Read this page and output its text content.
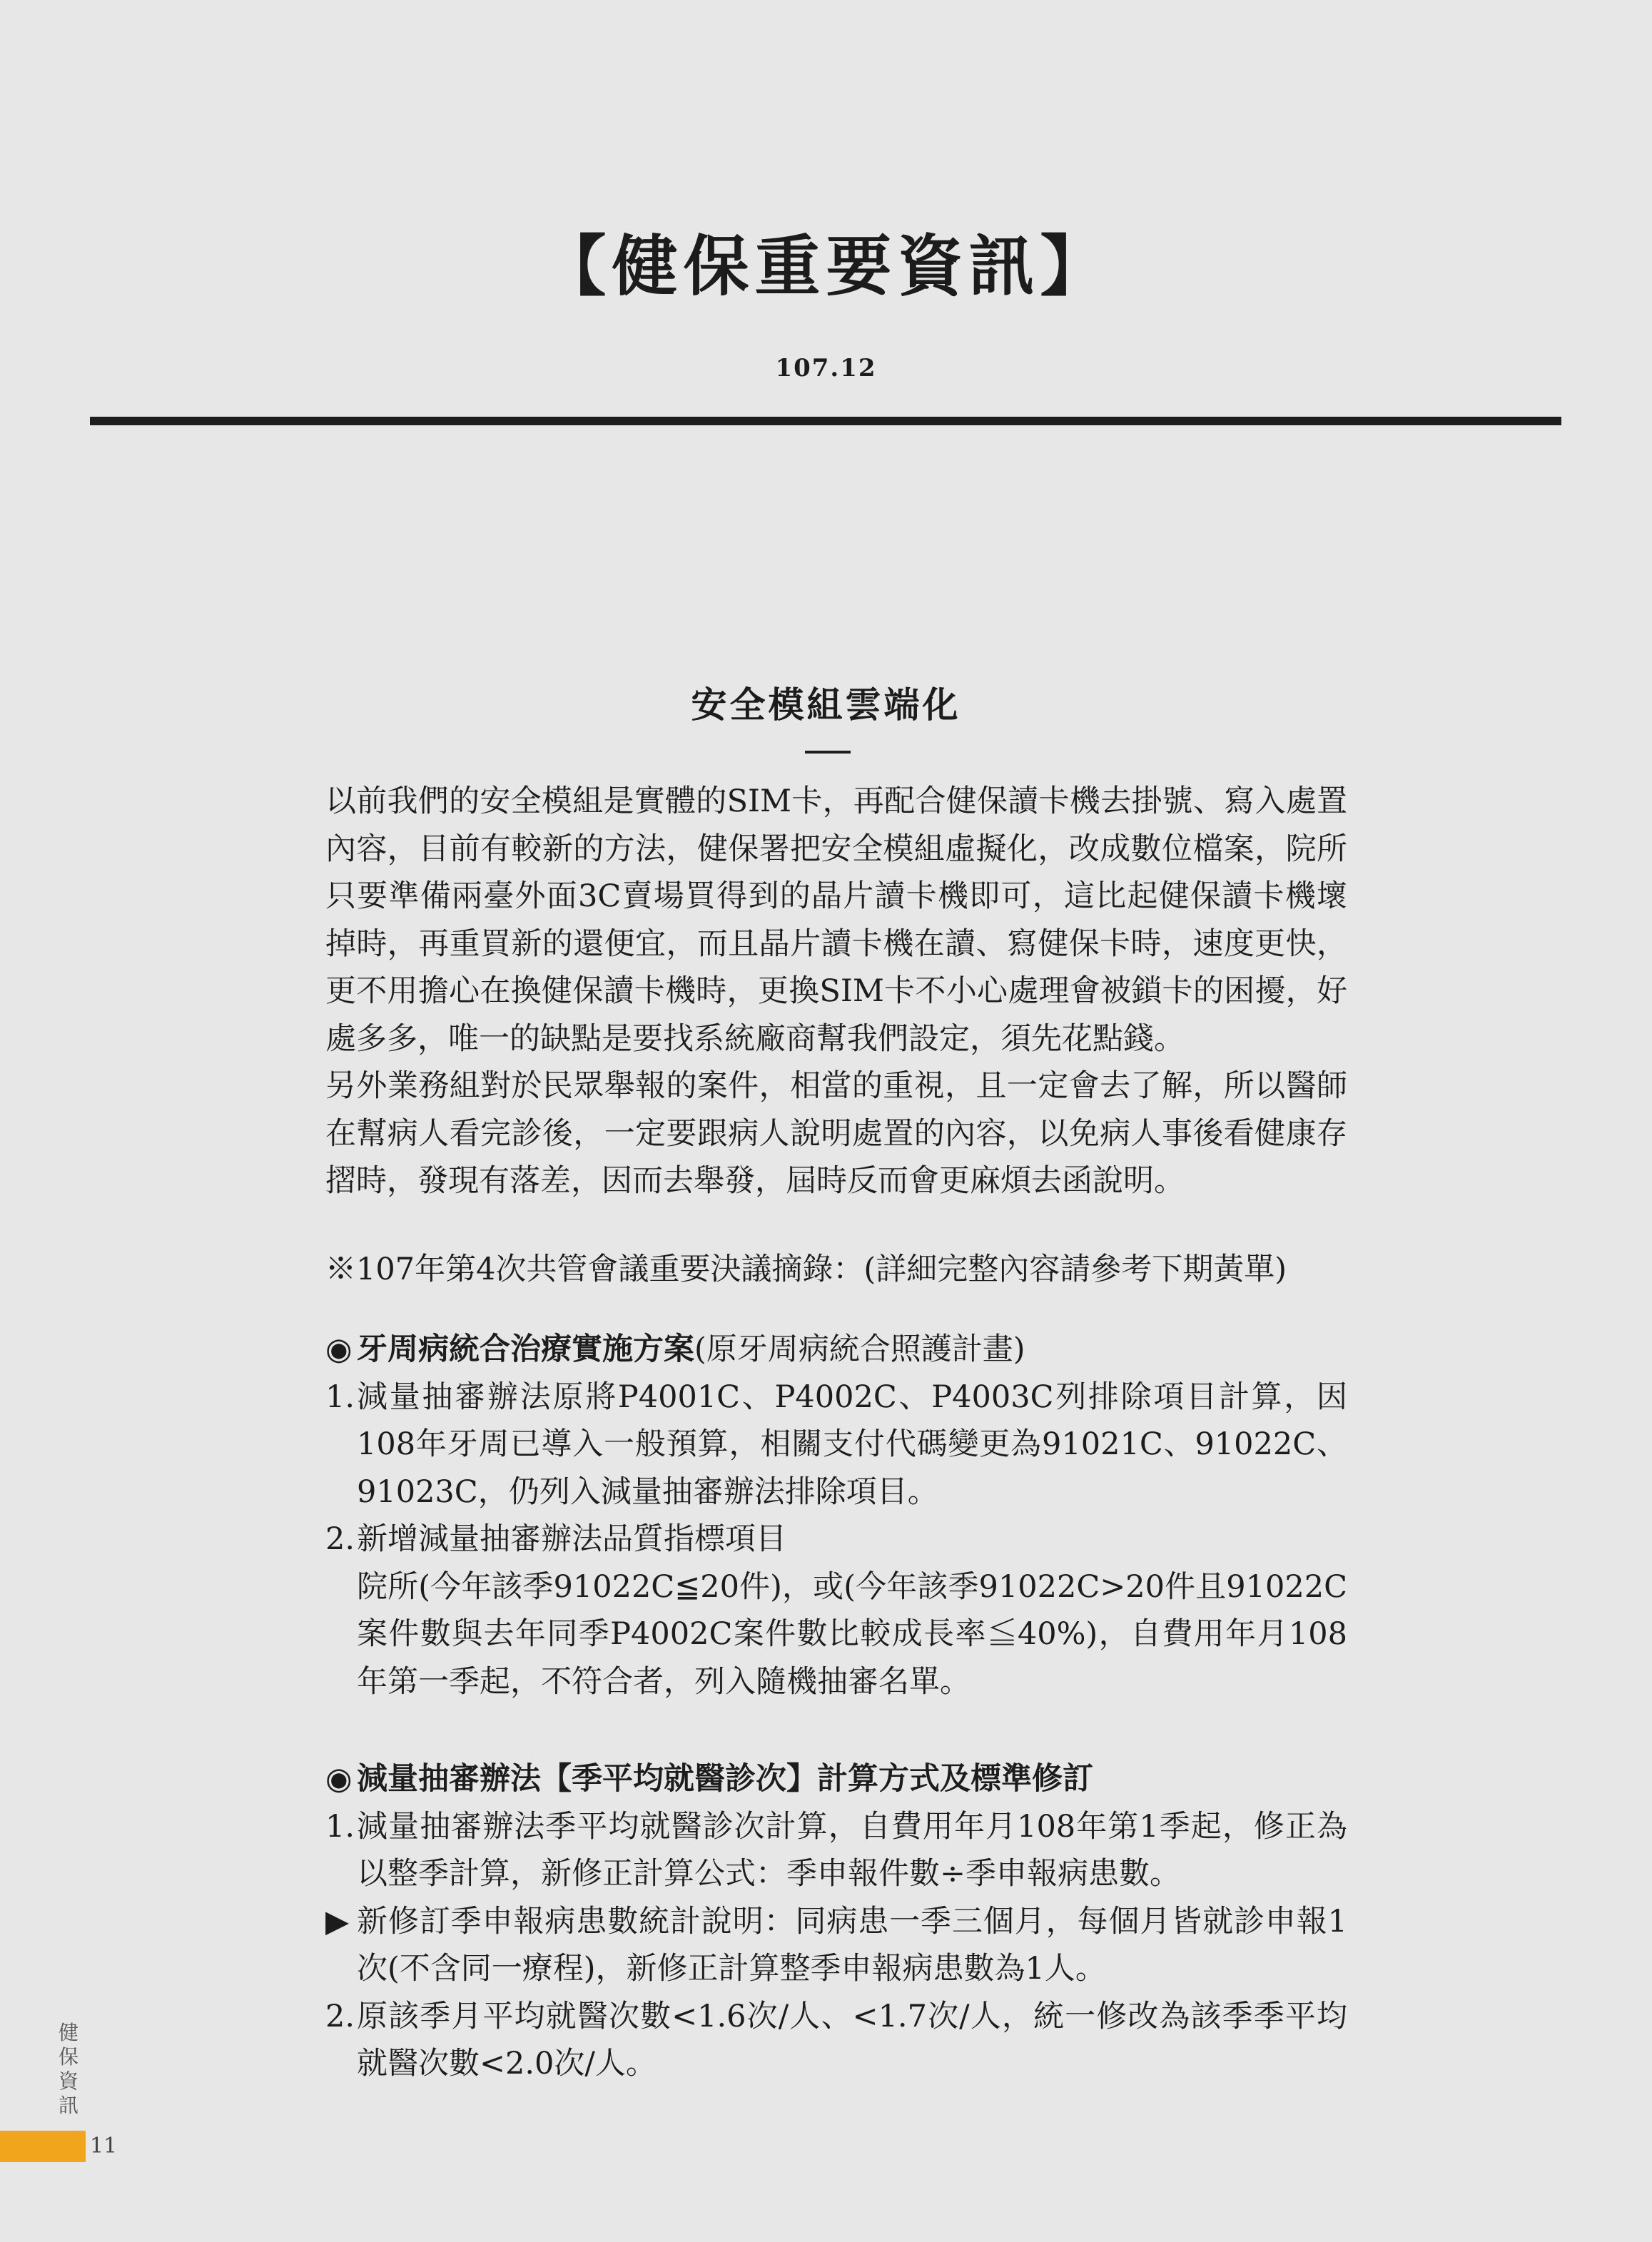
【健保重要資訊】
107.12
安全模組雲端化

以前我們的安全模組是實體的SIM卡，再配合健保讀卡機去掛號、寫入處置內容，目前有較新的方法，健保署把安全模組虛擬化，改成數位檔案，院所只要準備兩臺外面3C賣場買得到的晶片讀卡機即可，這比起健保讀卡機壞掉時，再重買新的還便宜，而且晶片讀卡機在讀、寫健保卡時，速度更快，更不用擔心在換健保讀卡機時，更換SIM卡不小心處理會被鎖卡的困擾，好處多多，唯一的缺點是要找系統廠商幫我們設定，須先花點錢。

另外業務組對於民眾舉報的案件，相當的重視，且一定會去了解，所以醫師在幫病人看完診後，一定要跟病人說明處置的內容，以免病人事後看健康存摺時，發現有落差，因而去舉發，屆時反而會更麻煩去函說明。

※107年第4次共管會議重要決議摘錄：(詳細完整內容請參考下期黃單)

◉ 牙周病統合治療實施方案(原牙周病統合照護計畫)

1. 減量抽審辦法原將P4001C、P4002C、P4003C列排除項目計算，因108年牙周已導入一般預算，相關支付代碼變更為91021C、91022C、91023C，仍列入減量抽審辦法排除項目。
2. 新增減量抽審辦法品質指標項目
院所(今年該季91022C≦20件)，或(今年該季91022C>20件且91022C案件數與去年同季P4002C案件數比較成長率≦40%)，自費用年月108年第一季起，不符合者，列入隨機抽審名單。

◉ 減量抽審辦法【季平均就醫診次】計算方式及標準修訂

1. 減量抽審辦法季平均就醫診次計算，自費用年月108年第1季起，修正為以整季計算，新修正計算公式：季申報件數÷季申報病患數。
▶ 新修訂季申報病患數統計說明：同病患一季三個月，每個月皆就診申報1次(不含同一療程)，新修正計算整季申報病患數為1人。
2. 原該季月平均就醫次數<1.6次/人、<1.7次/人，統一修改為該季季平均就醫次數<2.0次/人。
健保資訊
11
